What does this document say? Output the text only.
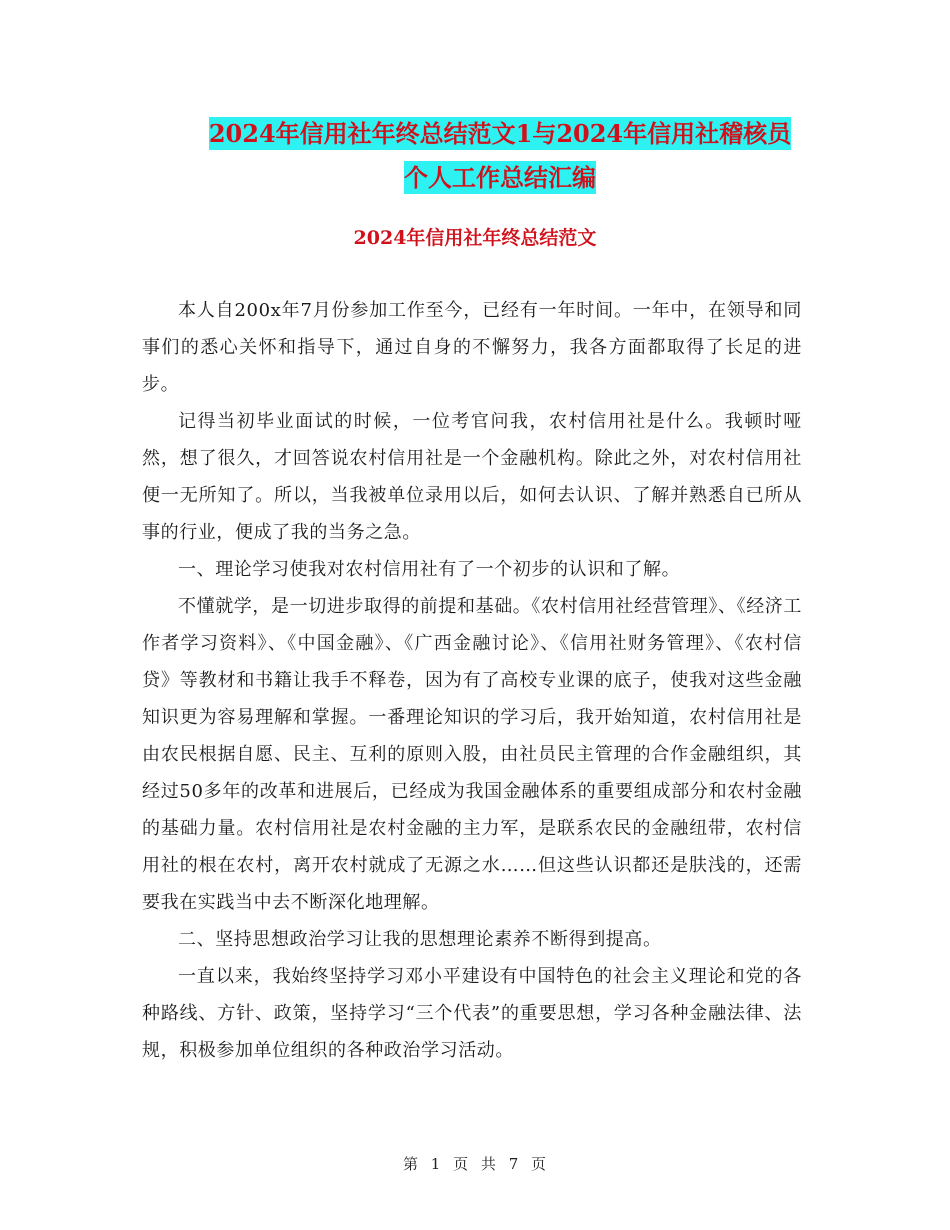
2024年信用社年终总结范文1与2024年信用社稽核员
个人工作总结汇编
2024年信用社年终总结范文

本人自200x年7月份参加工作至今，已经有一年时间。一年中，在领导和同事们的悉心关怀和指导下，通过自身的不懈努力，我各方面都取得了长足的进步。

记得当初毕业面试的时候，一位考官问我，农村信用社是什么。我顿时哑然，想了很久，才回答说农村信用社是一个金融机构。除此之外，对农村信用社便一无所知了。所以，当我被单位录用以后，如何去认识、了解并熟悉自已所从事的行业，便成了我的当务之急。

一、理论学习使我对农村信用社有了一个初步的认识和了解。

不懂就学，是一切进步取得的前提和基础。《农村信用社经营管理》、《经济工作者学习资料》、《中国金融》、《广西金融讨论》、《信用社财务管理》、《农村信贷》等教材和书籍让我手不释卷，因为有了高校专业课的底子，使我对这些金融知识更为容易理解和掌握。一番理论知识的学习后，我开始知道，农村信用社是由农民根据自愿、民主、互利的原则入股，由社员民主管理的合作金融组织，其经过50多年的改革和进展后，已经成为我国金融体系的重要组成部分和农村金融的基础力量。农村信用社是农村金融的主力军，是联系农民的金融纽带，农村信用社的根在农村，离开农村就成了无源之水……但这些认识都还是肤浅的，还需要我在实践当中去不断深化地理解。

二、坚持思想政治学习让我的思想理论素养不断得到提高。

一直以来，我始终坚持学习邓小平建设有中国特色的社会主义理论和党的各种路线、方针、政策，坚持学习“三个代表”的重要思想，学习各种金融法律、法规，积极参加单位组织的各种政治学习活动。

第 1 页 共 7 页
